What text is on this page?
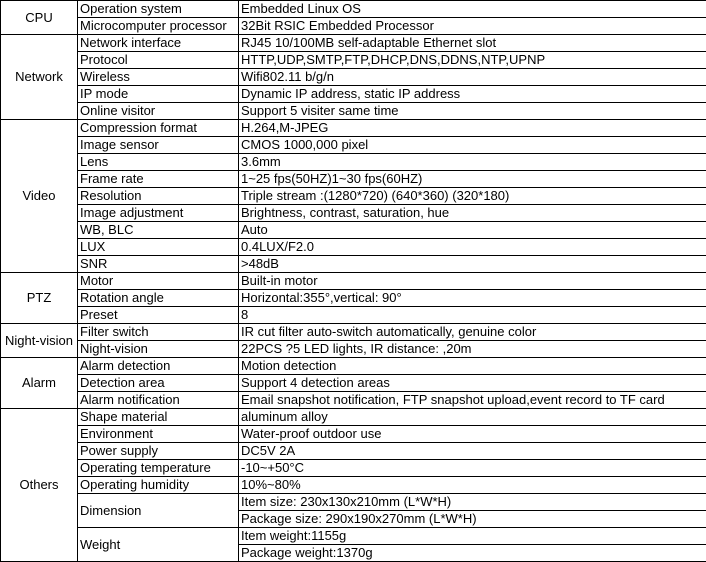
CPU	Operation system	Embedded Linux OS
	Microcomputer processor	32Bit RSIC Embedded Processor
Network	Network interface	RJ45 10/100MB self-adaptable Ethernet slot
	Protocol	HTTP,UDP,SMTP,FTP,DHCP,DNS,DDNS,NTP,UPNP
	Wireless	Wifi802.11 b/g/n
	IP mode	Dynamic IP address, static IP address
	Online visitor	Support 5 visiter same time
Video	Compression format	H.264,M-JPEG
	Image sensor	CMOS 1000,000 pixel
	Lens	3.6mm
	Frame rate	1~25 fps(50HZ)1~30 fps(60HZ)
	Resolution	Triple stream :(1280*720) (640*360) (320*180)
	Image adjustment	Brightness, contrast, saturation, hue
	WB, BLC	Auto
	LUX	0.4LUX/F2.0
	SNR	>48dB
PTZ	Motor	Built-in motor
	Rotation angle	Horizontal:355°,vertical: 90°
	Preset	8
Night-vision	Filter switch	IR cut filter auto-switch automatically, genuine color
	Night-vision	22PCS ?5 LED lights, IR distance: ,20m
Alarm	Alarm detection	Motion detection
	Detection area	Support 4 detection areas
	Alarm notification	Email snapshot notification, FTP snapshot upload,event record to TF card
Others	Shape material	aluminum alloy
	Environment	Water-proof outdoor use
	Power supply	DC5V 2A
	Operating temperature	-10~+50°C
	Operating humidity	10%~80%
	Dimension	Item size: 230x130x210mm (L*W*H)
		Package size: 290x190x270mm (L*W*H)
	Weight	Item weight:1155g
		Package weight:1370g
